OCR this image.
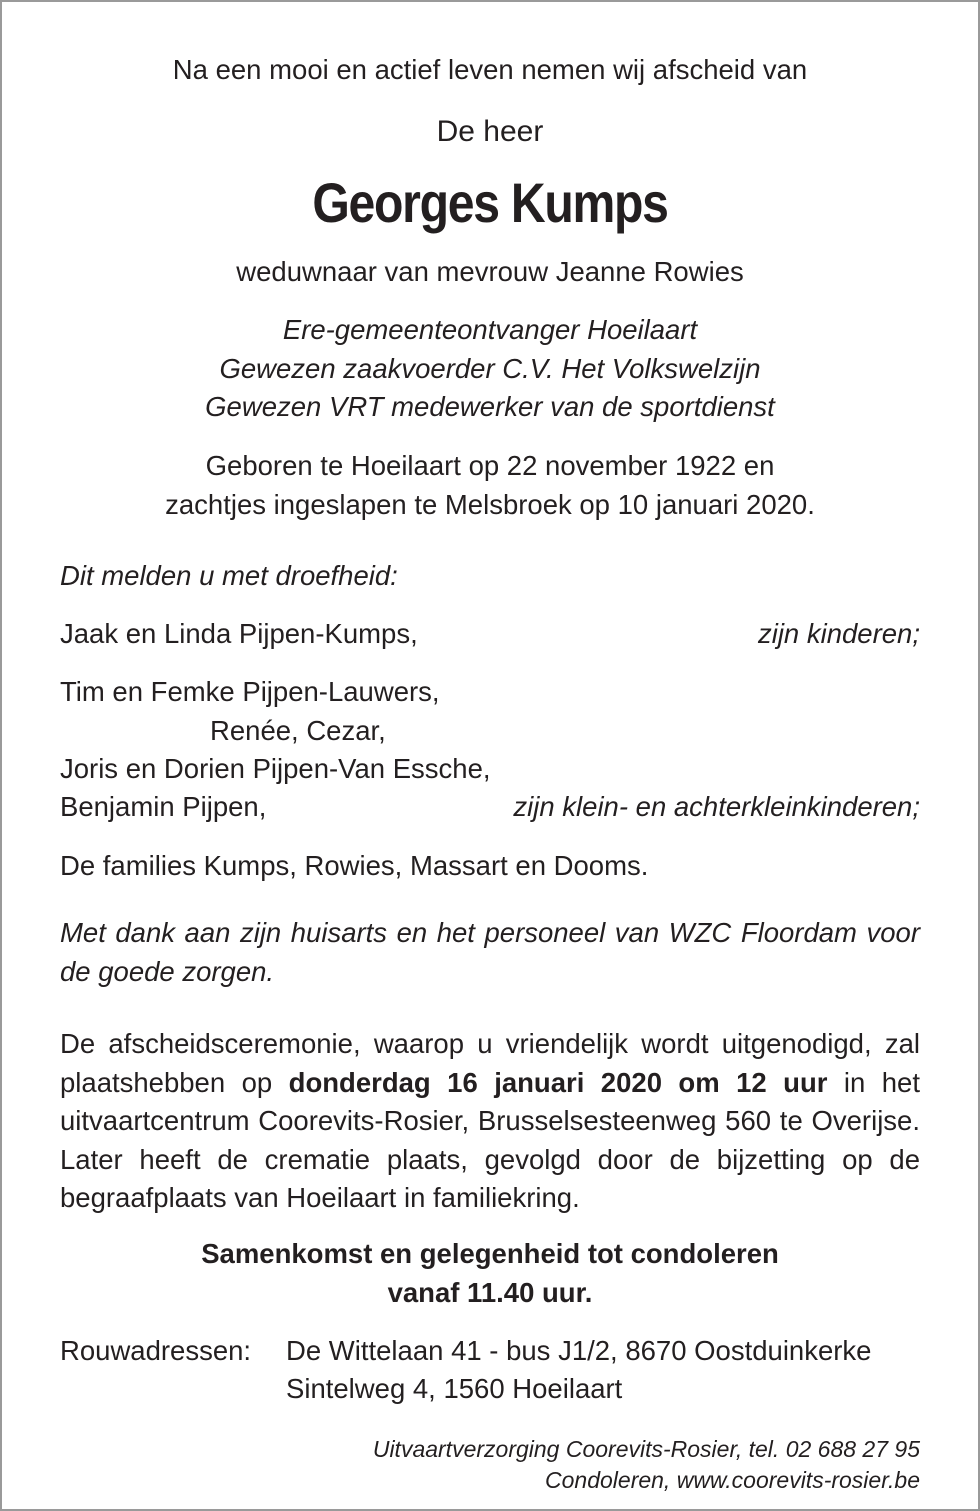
Na een mooi en actief leven nemen wij afscheid van
De heer
Georges Kumps
weduwnaar van mevrouw Jeanne Rowies
Ere-gemeenteontvanger Hoeilaart
Gewezen zaakvoerder C.V. Het Volkswelzijn
Gewezen VRT medewerker van de sportdienst
Geboren te Hoeilaart op 22 november 1922 en
zachtjes ingeslapen te Melsbroek op 10 januari 2020.
Dit melden u met droefheid:
Jaak en Linda Pijpen-Kumps,	zijn kinderen;
Tim en Femke Pijpen-Lauwers,
Renée, Cezar,
Joris en Dorien Pijpen-Van Essche,
Benjamin Pijpen,	zijn klein- en achterkleinkinderen;
De families Kumps, Rowies, Massart en Dooms.
Met dank aan zijn huisarts en het personeel van WZC Floordam voor de goede zorgen.
De afscheidsceremonie, waarop u vriendelijk wordt uitgenodigd, zal plaatshebben op donderdag 16 januari 2020 om 12 uur in het uitvaartcentrum Coorevits-Rosier, Brusselsesteenweg 560 te Overijse. Later heeft de crematie plaats, gevolgd door de bijzetting op de begraafplaats van Hoeilaart in familiekring.
Samenkomst en gelegenheid tot condoleren
vanaf 11.40 uur.
Rouwadressen: De Wittelaan 41 - bus J1/2, 8670 Oostduinkerke
Sintelweg 4, 1560 Hoeilaart
Uitvaartverzorging Coorevits-Rosier, tel. 02 688 27 95
Condoleren, www.coorevits-rosier.be
